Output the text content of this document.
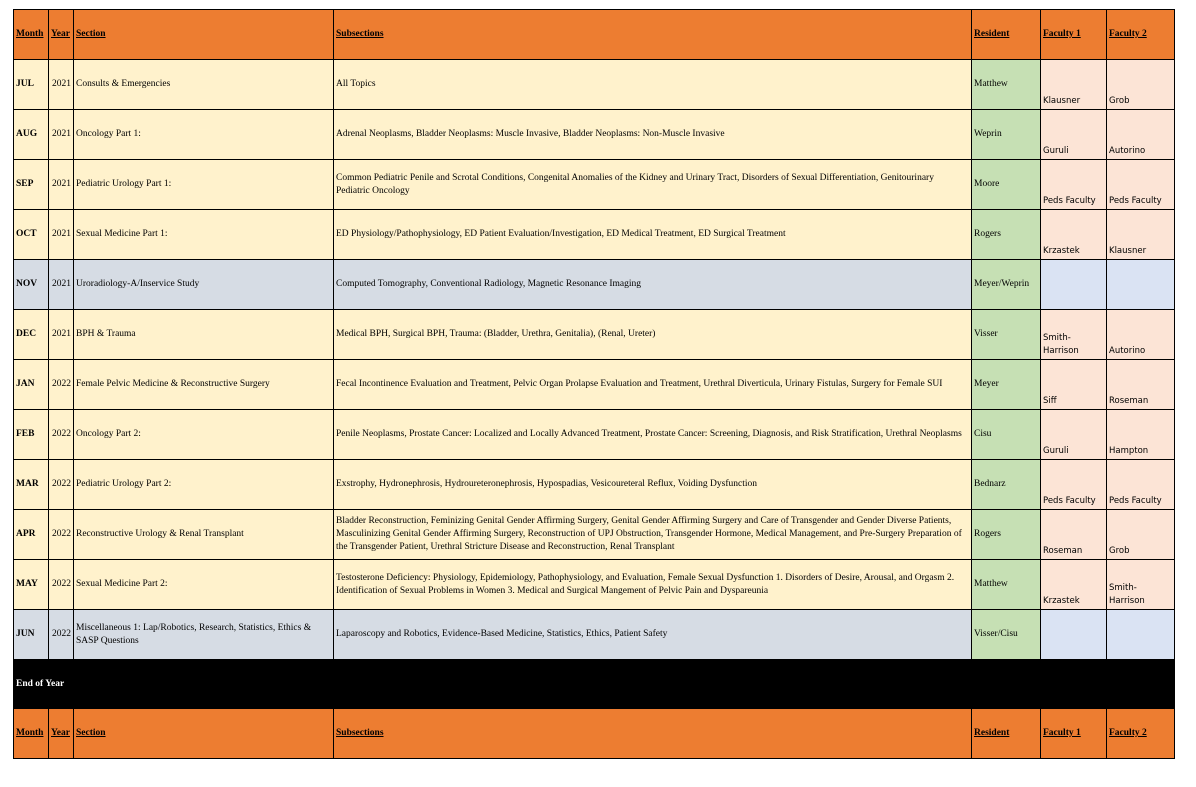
Month	Year	Section	Subsections	Resident	Faculty 1	Faculty 2
JUL	2021	Consults & Emergencies	All Topics	Matthew	Klausner	Grob
AUG	2021	Oncology Part 1:	Adrenal Neoplasms, Bladder Neoplasms: Muscle Invasive, Bladder Neoplasms: Non-Muscle Invasive	Weprin	Guruli	Autorino
SEP	2021	Pediatric Urology Part 1:	Common Pediatric Penile and Scrotal Conditions, Congenital Anomalies of the Kidney and Urinary Tract, Disorders of Sexual Differentiation, Genitourinary Pediatric Oncology	Moore	Peds Faculty	Peds Faculty
OCT	2021	Sexual Medicine Part 1:	ED Physiology/Pathophysiology, ED Patient Evaluation/Investigation, ED Medical Treatment, ED Surgical Treatment	Rogers	Krzastek	Klausner
NOV	2021	Uroradiology-A/Inservice Study	Computed Tomography, Conventional Radiology, Magnetic Resonance Imaging	Meyer/Weprin		
DEC	2021	BPH & Trauma	Medical BPH, Surgical BPH, Trauma: (Bladder, Urethra, Genitalia), (Renal, Ureter)	Visser	Smith-Harrison	Autorino
JAN	2022	Female Pelvic Medicine & Reconstructive Surgery	Fecal Incontinence Evaluation and Treatment, Pelvic Organ Prolapse Evaluation and Treatment, Urethral Diverticula, Urinary Fistulas, Surgery for Female SUI	Meyer	Siff	Roseman
FEB	2022	Oncology Part 2:	Penile Neoplasms, Prostate Cancer: Localized and Locally Advanced Treatment, Prostate Cancer: Screening, Diagnosis, and Risk Stratification, Urethral Neoplasms	Cisu	Guruli	Hampton
MAR	2022	Pediatric Urology Part 2:	Exstrophy, Hydronephrosis, Hydroureteronephrosis, Hypospadias, Vesicoureteral Reflux, Voiding Dysfunction	Bednarz	Peds Faculty	Peds Faculty
APR	2022	Reconstructive Urology & Renal Transplant	Bladder Reconstruction, Feminizing Genital Gender Affirming Surgery, Genital Gender Affirming Surgery and Care of Transgender and Gender Diverse Patients, Masculinizing Genital Gender Affirming Surgery, Reconstruction of UPJ Obstruction, Transgender Hormone, Medical Management, and Pre-Surgery Preparation of the Transgender Patient, Urethral Stricture Disease and Reconstruction, Renal Transplant	Rogers	Roseman	Grob
MAY	2022	Sexual Medicine Part 2:	Testosterone Deficiency: Physiology, Epidemiology, Pathophysiology, and Evaluation, Female Sexual Dysfunction 1. Disorders of Desire, Arousal, and Orgasm 2. Identification of Sexual Problems in Women 3. Medical and Surgical Mangement of Pelvic Pain and Dyspareunia	Matthew	Krzastek	Smith-Harrison
JUN	2022	Miscellaneous 1: Lap/Robotics, Research, Statistics, Ethics & SASP Questions	Laparoscopy and Robotics, Evidence-Based Medicine, Statistics, Ethics, Patient Safety	Visser/Cisu		
End of Year						
Month	Year	Section	Subsections	Resident	Faculty 1	Faculty 2
